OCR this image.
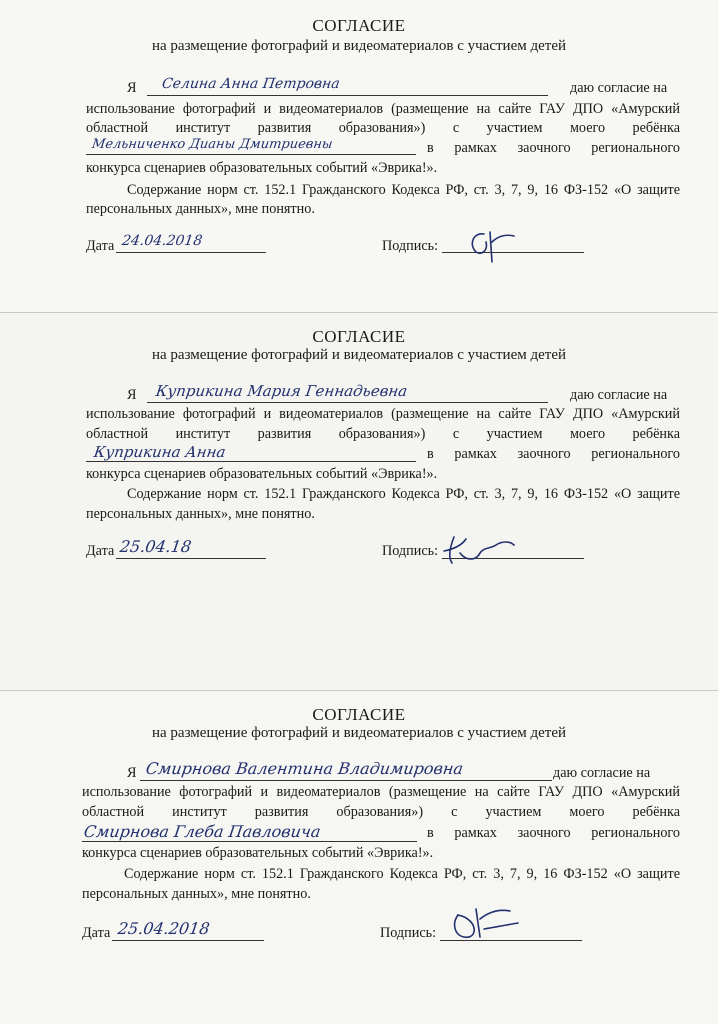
СОГЛАСИЕ
на размещение фотографий и видеоматериалов с участием детей
Я Селина Анна Петровна	даю согласие на
использование фотографий и видеоматериалов (размещение на сайте ГАУ ДПО «Амурский
областной институт развития образования») с участием моего ребёнка
Мельниченко Дианы Дмитриевны	в рамках заочного регионального
конкурса сценариев образовательных событий «Эврика!».
Содержание норм ст. 152.1 Гражданского Кодекса РФ, ст. 3, 7, 9, 16 ФЗ-152 «О защите
персональных данных», мне понятно.
Дата 24.04.2018	Подпись:
СОГЛАСИЕ
на размещение фотографий и видеоматериалов с участием детей
Я Куприкина Мария Геннадьевна	даю согласие на
использование фотографий и видеоматериалов (размещение на сайте ГАУ ДПО «Амурский
областной институт развития образования») с участием моего ребёнка
Куприкина Анна	в рамках заочного регионального
конкурса сценариев образовательных событий «Эврика!».
Содержание норм ст. 152.1 Гражданского Кодекса РФ, ст. 3, 7, 9, 16 ФЗ-152 «О защите
персональных данных», мне понятно.
Дата 25.04.18	Подпись:
СОГЛАСИЕ
на размещение фотографий и видеоматериалов с участием детей
Я Смирнова Валентина Владимировна	даю согласие на
использование фотографий и видеоматериалов (размещение на сайте ГАУ ДПО «Амурский
областной институт развития образования») с участием моего ребёнка
Смирнова Глеба Павловича	в рамках заочного регионального
конкурса сценариев образовательных событий «Эврика!».
Содержание норм ст. 152.1 Гражданского Кодекса РФ, ст. 3, 7, 9, 16 ФЗ-152 «О защите
персональных данных», мне понятно.
Дата 25.04.2018	Подпись:
